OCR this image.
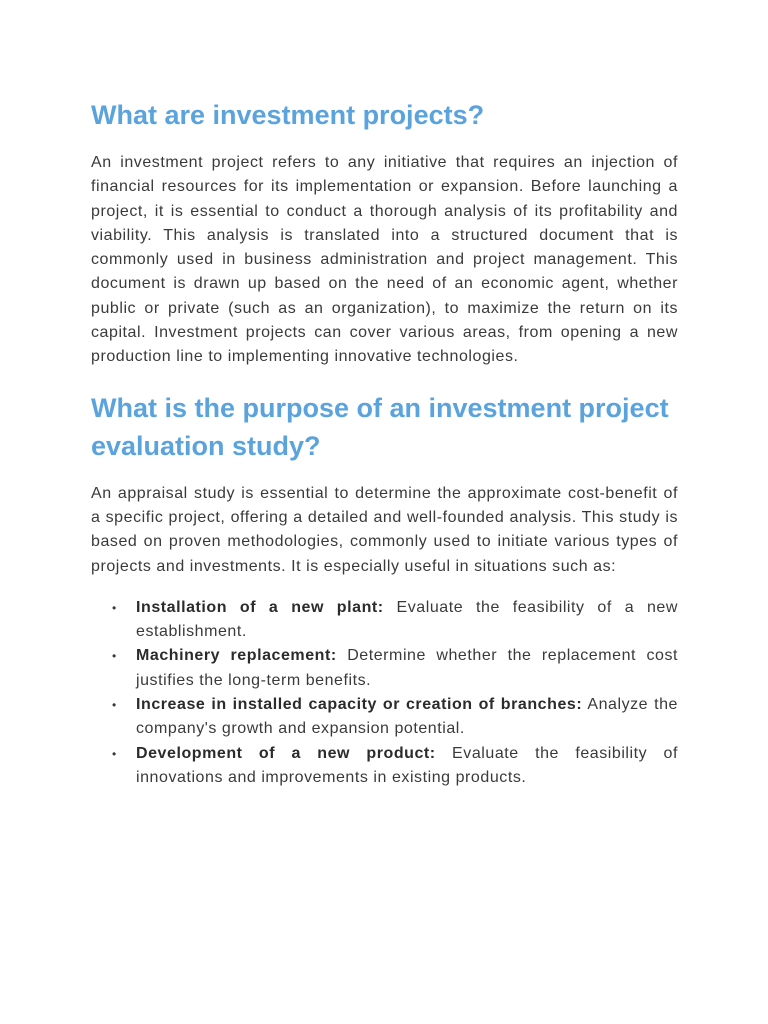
What are investment projects?

An investment project refers to any initiative that requires an injection of financial resources for its implementation or expansion. Before launching a project, it is essential to conduct a thorough analysis of its profitability and viability. This analysis is translated into a structured document that is commonly used in business administration and project management. This document is drawn up based on the need of an economic agent, whether public or private (such as an organization), to maximize the return on its capital. Investment projects can cover various areas, from opening a new production line to implementing innovative technologies.

What is the purpose of an investment project evaluation study?

An appraisal study is essential to determine the approximate cost-benefit of a specific project, offering a detailed and well-founded analysis. This study is based on proven methodologies, commonly used to initiate various types of projects and investments. It is especially useful in situations such as:

• Installation of a new plant: Evaluate the feasibility of a new establishment.
• Machinery replacement: Determine whether the replacement cost justifies the long-term benefits.
• Increase in installed capacity or creation of branches: Analyze the company's growth and expansion potential.
• Development of a new product: Evaluate the feasibility of innovations and improvements in existing products.
